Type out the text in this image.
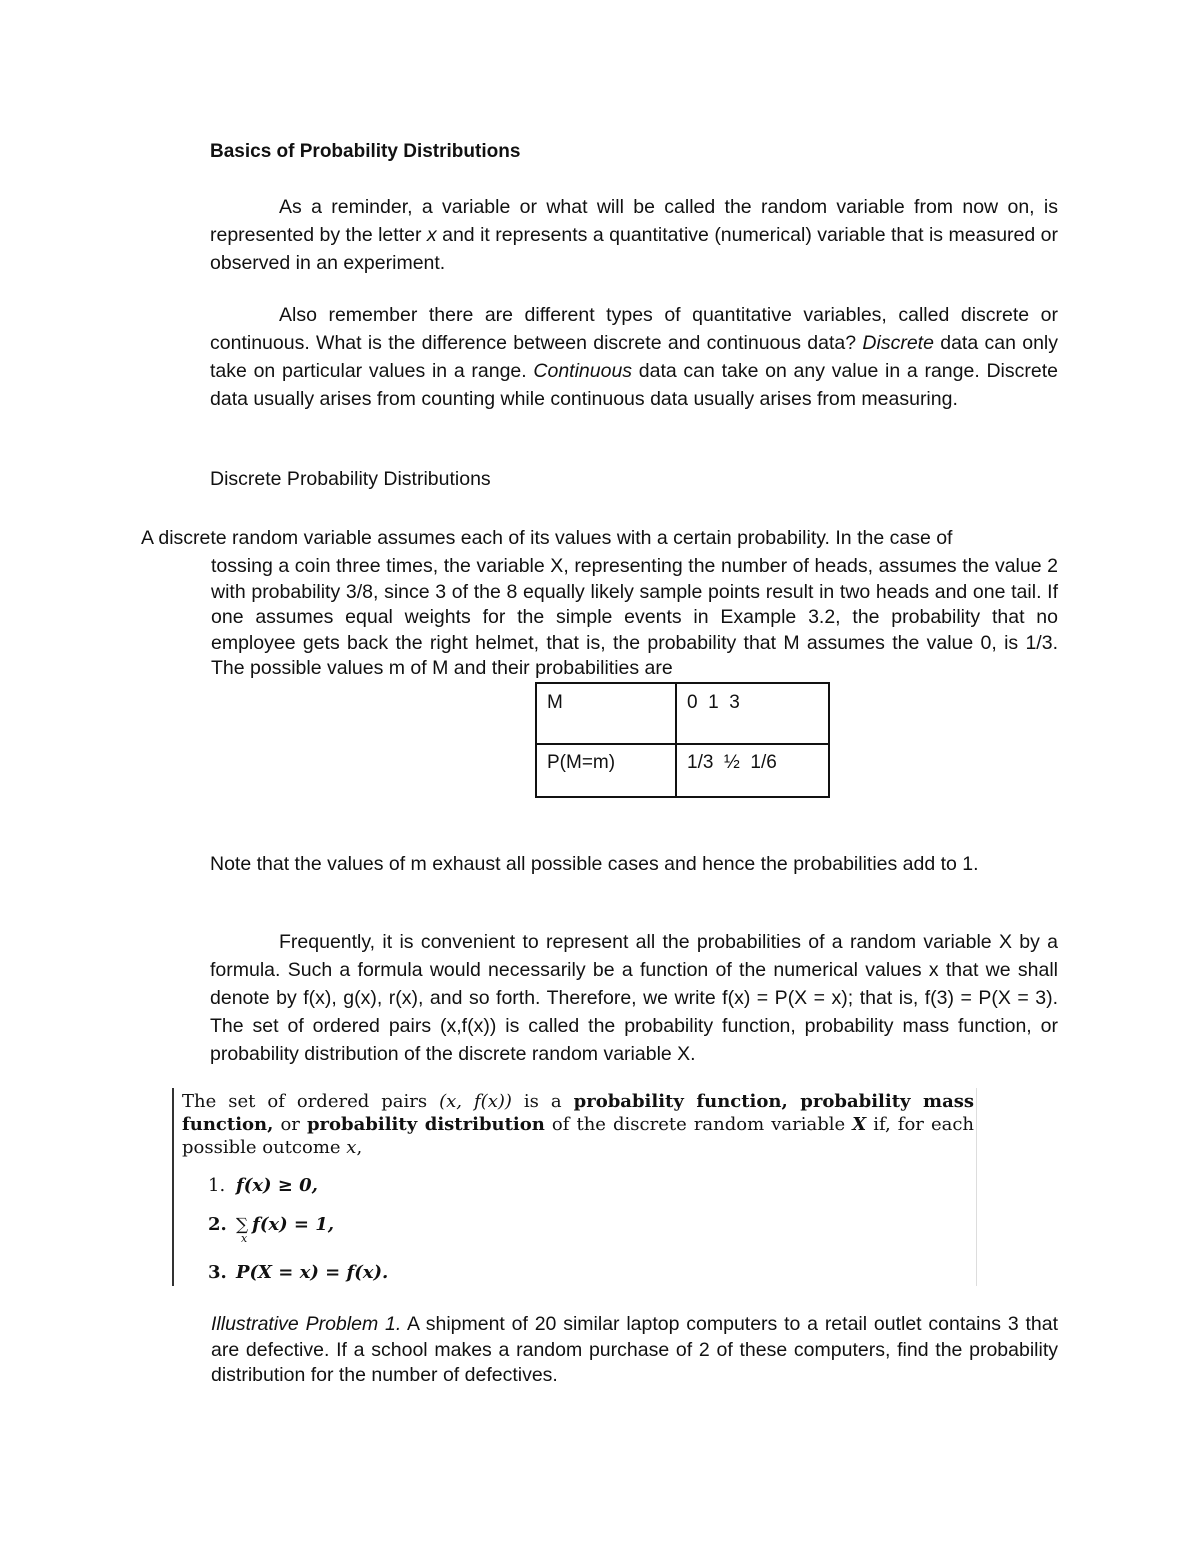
Basics of Probability Distributions
As a reminder, a variable or what will be called the random variable from now on, is represented by the letter x and it represents a quantitative (numerical) variable that is measured or observed in an experiment.
Also remember there are different types of quantitative variables, called discrete or continuous. What is the difference between discrete and continuous data? Discrete data can only take on particular values in a range. Continuous data can take on any value in a range. Discrete data usually arises from counting while continuous data usually arises from measuring.
Discrete Probability Distributions
A discrete random variable assumes each of its values with a certain probability. In the case of
tossing a coin three times, the variable X, representing the number of heads, assumes the value 2 with probability 3/8, since 3 of the 8 equally likely sample points result in two heads and one tail. If one assumes equal weights for the simple events in Example 3.2, the probability that no employee gets back the right helmet, that is, the probability that M assumes the value 0, is 1/3. The possible values m of M and their probabilities are
M	0  1  3
P(M=m)	1/3  ½  1/6
Note that the values of m exhaust all possible cases and hence the probabilities add to 1.
Frequently, it is convenient to represent all the probabilities of a random variable X by a formula. Such a formula would necessarily be a function of the numerical values x that we shall denote by f(x), g(x), r(x), and so forth. Therefore, we write f(x) = P(X = x); that is, f(3) = P(X = 3). The set of ordered pairs (x,f(x)) is called the probability function, probability mass function, or probability distribution of the discrete random variable X.
The set of ordered pairs (x, f(x)) is a probability function, probability mass function, or probability distribution of the discrete random variable X if, for each possible outcome x,
1. f(x) ≥ 0,
2. ∑
x
f(x) = 1,
3. P(X = x) = f(x).
Illustrative Problem 1. A shipment of 20 similar laptop computers to a retail outlet contains 3 that are defective. If a school makes a random purchase of 2 of these computers, find the probability distribution for the number of defectives.
